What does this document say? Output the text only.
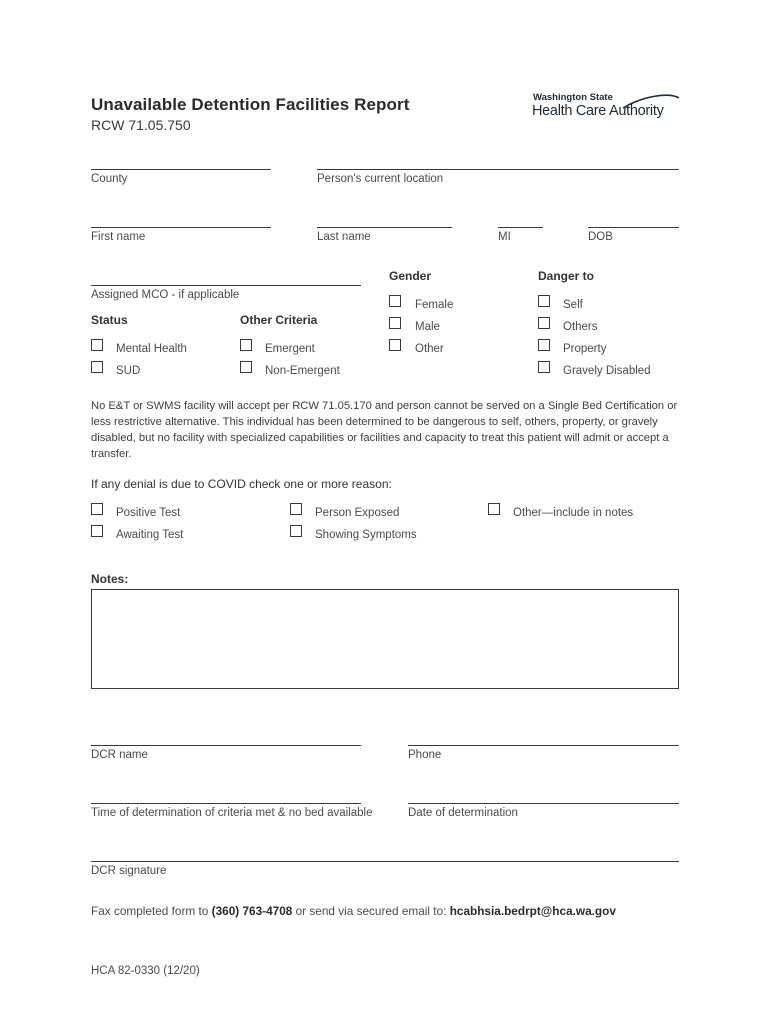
Unavailable Detention Facilities Report
RCW 71.05.750
Washington State
Health Care Authority
County	Person's current location
First name	Last name	MI	DOB
Assigned MCO - if applicable
Gender
Female
Male
Other
Danger to
Self
Others
Property
Gravely Disabled
Status
Mental Health
SUD
Other Criteria
Emergent
Non-Emergent
No E&T or SWMS facility will accept per RCW 71.05.170 and person cannot be served on a Single Bed Certification or less restrictive alternative. This individual has been determined to be dangerous to self, others, property, or gravely disabled, but no facility with specialized capabilities or facilities and capacity to treat this patient will admit or accept a transfer.
If any denial is due to COVID check one or more reason:
Positive Test
Awaiting Test
Person Exposed
Showing Symptoms
Other—include in notes
Notes:
DCR name	Phone
Time of determination of criteria met & no bed available	Date of determination
DCR signature
Fax completed form to (360) 763-4708 or send via secured email to: hcabhsia.bedrpt@hca.wa.gov
HCA 82-0330 (12/20)
